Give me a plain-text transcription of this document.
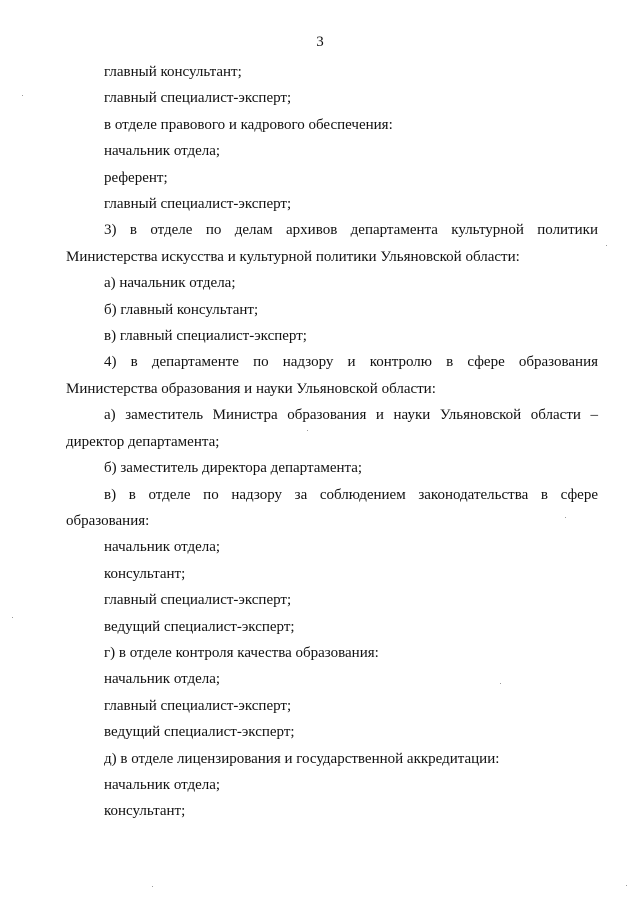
3

главный консультант;

главный специалист-эксперт;

в отделе правового и кадрового обеспечения:

начальник отдела;

референт;

главный специалист-эксперт;

3) в отделе по делам архивов департамента культурной политики Министерства искусства и культурной политики Ульяновской области:

а) начальник отдела;

б) главный консультант;

в) главный специалист-эксперт;

4) в департаменте по надзору и контролю в сфере образования Министерства образования и науки Ульяновской области:

а) заместитель Министра образования и науки Ульяновской области – директор департамента;

б) заместитель директора департамента;

в) в отделе по надзору за соблюдением законодательства в сфере образования:

начальник отдела;

консультант;

главный специалист-эксперт;

ведущий специалист-эксперт;

г) в отделе контроля качества образования:

начальник отдела;

главный специалист-эксперт;

ведущий специалист-эксперт;

д) в отделе лицензирования и государственной аккредитации:

начальник отдела;

консультант;
